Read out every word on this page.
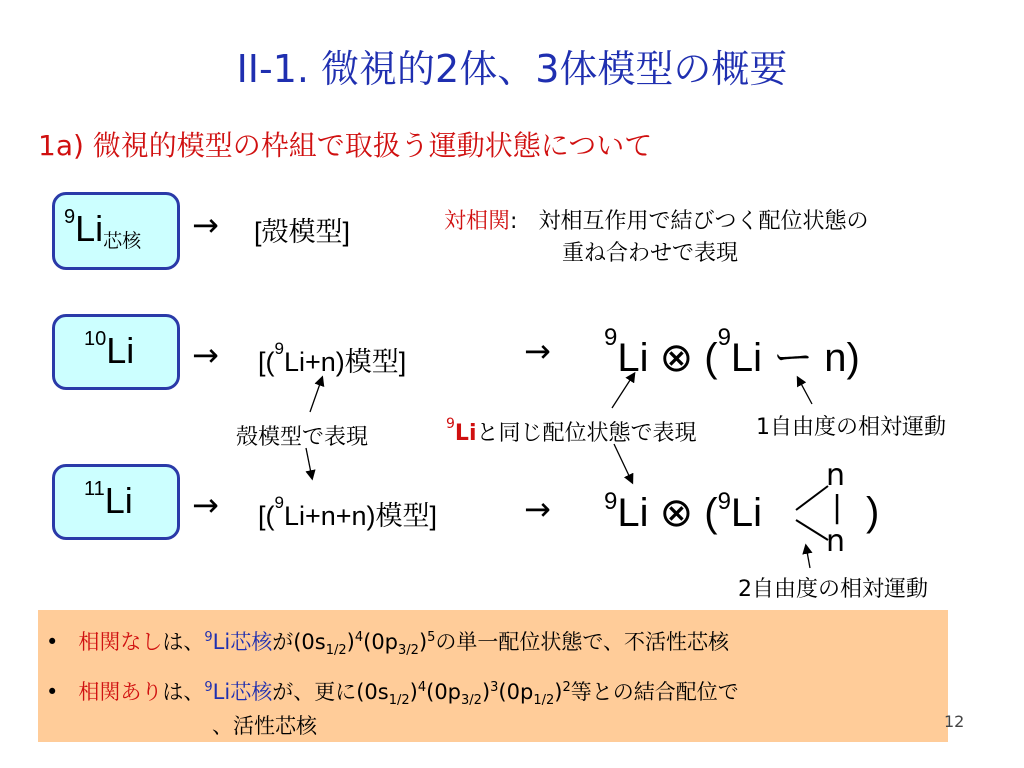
II-1. 微視的2体、3体模型の概要
1a) 微視的模型の枠組で取扱う運動状態について
$^9Li_{芯核}$ → [殻模型]	対相関: 対相互作用で結びつく配位状態の
重ね合わせで表現
$^{10}$Li → [($^9$Li+n)模型]	→ $^9$Li ⊗ ($^9$Li ー n)
$^{11}$Li → [($^9$Li+n+n)模型]	→ $^9$Li ⊗ ($^9$Li	)
n
n
|
殻模型で表現
$^9$Liと同じ配位状態で表現	1自由度の相対運動
2自由度の相対運動
• 相関なしは、$^9$Li芯核が$(0s_{1/2})^4(0p_{3/2})^5$の単一配位状態で、不活性芯核
• 相関ありは、$^9$Li芯核が、更に$(0s_{1/2})^4(0p_{3/2})^3(0p_{1/2})^2$等との結合配位で
、活性芯核	12
